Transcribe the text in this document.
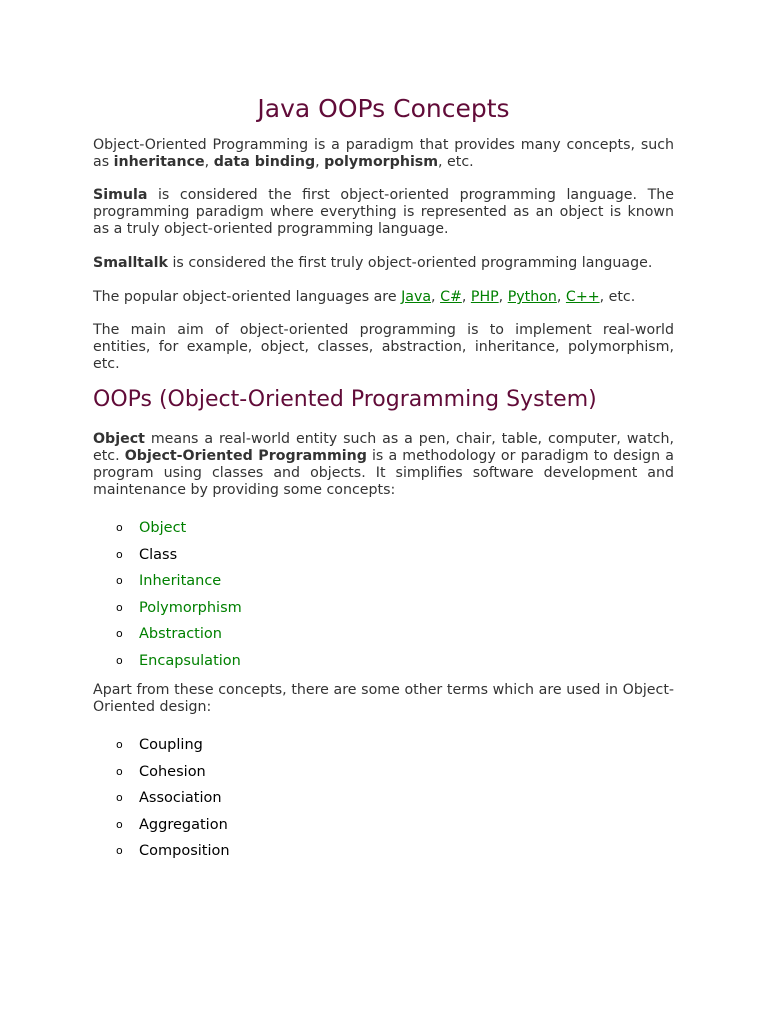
Java OOPs Concepts

Object-Oriented Programming is a paradigm that provides many concepts, such as inheritance, data binding, polymorphism, etc.

Simula is considered the first object-oriented programming language. The programming paradigm where everything is represented as an object is known as a truly object-oriented programming language.

Smalltalk is considered the first truly object-oriented programming language.

The popular object-oriented languages are Java, C#, PHP, Python, C++, etc.

The main aim of object-oriented programming is to implement real-world entities, for example, object, classes, abstraction, inheritance, polymorphism, etc.

OOPs (Object-Oriented Programming System)

Object means a real-world entity such as a pen, chair, table, computer, watch, etc. Object-Oriented Programming is a methodology or paradigm to design a program using classes and objects. It simplifies software development and maintenance by providing some concepts:

o Object
o Class
o Inheritance
o Polymorphism
o Abstraction
o Encapsulation

Apart from these concepts, there are some other terms which are used in Object-Oriented design:

o Coupling
o Cohesion
o Association
o Aggregation
o Composition
